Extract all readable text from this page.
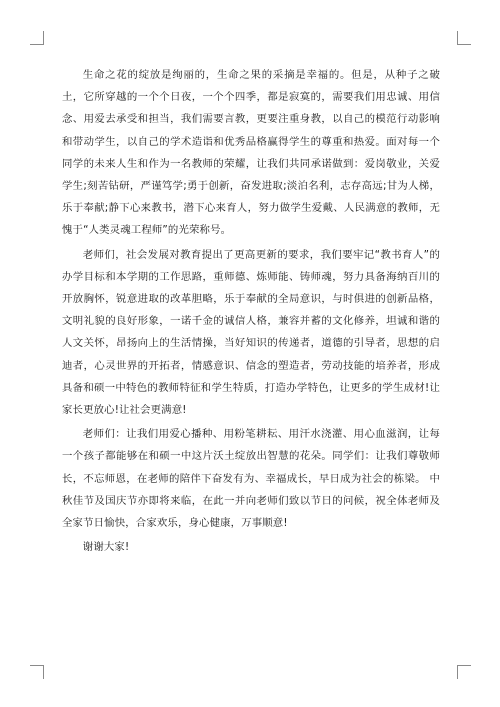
生命之花的绽放是绚丽的，生命之果的采摘是幸福的。但是，从种子之破土，它所穿越的一个个日夜，一个个四季，都是寂寞的，需要我们用忠诚、用信念、用爱去承受和担当，我们需要言教，更要注重身教，以自己的模范行动影响和带动学生，以自己的学术造诣和优秀品格赢得学生的尊重和热爱。面对每一个同学的未来人生和作为一名教师的荣耀，让我们共同承诺做到：爱岗敬业，关爱学生;刻苦钻研，严谨笃学;勇于创新，奋发进取;淡泊名利，志存高远;甘为人梯，乐于奉献;静下心来教书，潜下心来育人，努力做学生爱戴、人民满意的教师，无愧于“人类灵魂工程师”的光荣称号。

老师们，社会发展对教育提出了更高更新的要求，我们要牢记“教书育人”的办学目标和本学期的工作思路，重师德、炼师能、铸师魂，努力具备海纳百川的开放胸怀，锐意进取的改革胆略，乐于奉献的全局意识，与时俱进的创新品格，文明礼貌的良好形象，一诺千金的诚信人格，兼容并蓄的文化修养，坦诚和谐的人文关怀，昂扬向上的生活情操，当好知识的传递者，道德的引导者，思想的启迪者，心灵世界的开拓者，情感意识、信念的塑造者，劳动技能的培养者，形成具备和硕一中特色的教师特征和学生特质，打造办学特色，让更多的学生成材!让家长更放心!让社会更满意!

老师们：让我们用爱心播种、用粉笔耕耘、用汗水浇灌、用心血滋润，让每一个孩子都能够在和硕一中这片沃土绽放出智慧的花朵。同学们：让我们尊敬师长，不忘师恩，在老师的陪伴下奋发有为、幸福成长，早日成为社会的栋梁。 中秋佳节及国庆节亦即将来临，在此一并向老师们致以节日的问候，祝全体老师及全家节日愉快，合家欢乐，身心健康，万事顺意!

谢谢大家!
